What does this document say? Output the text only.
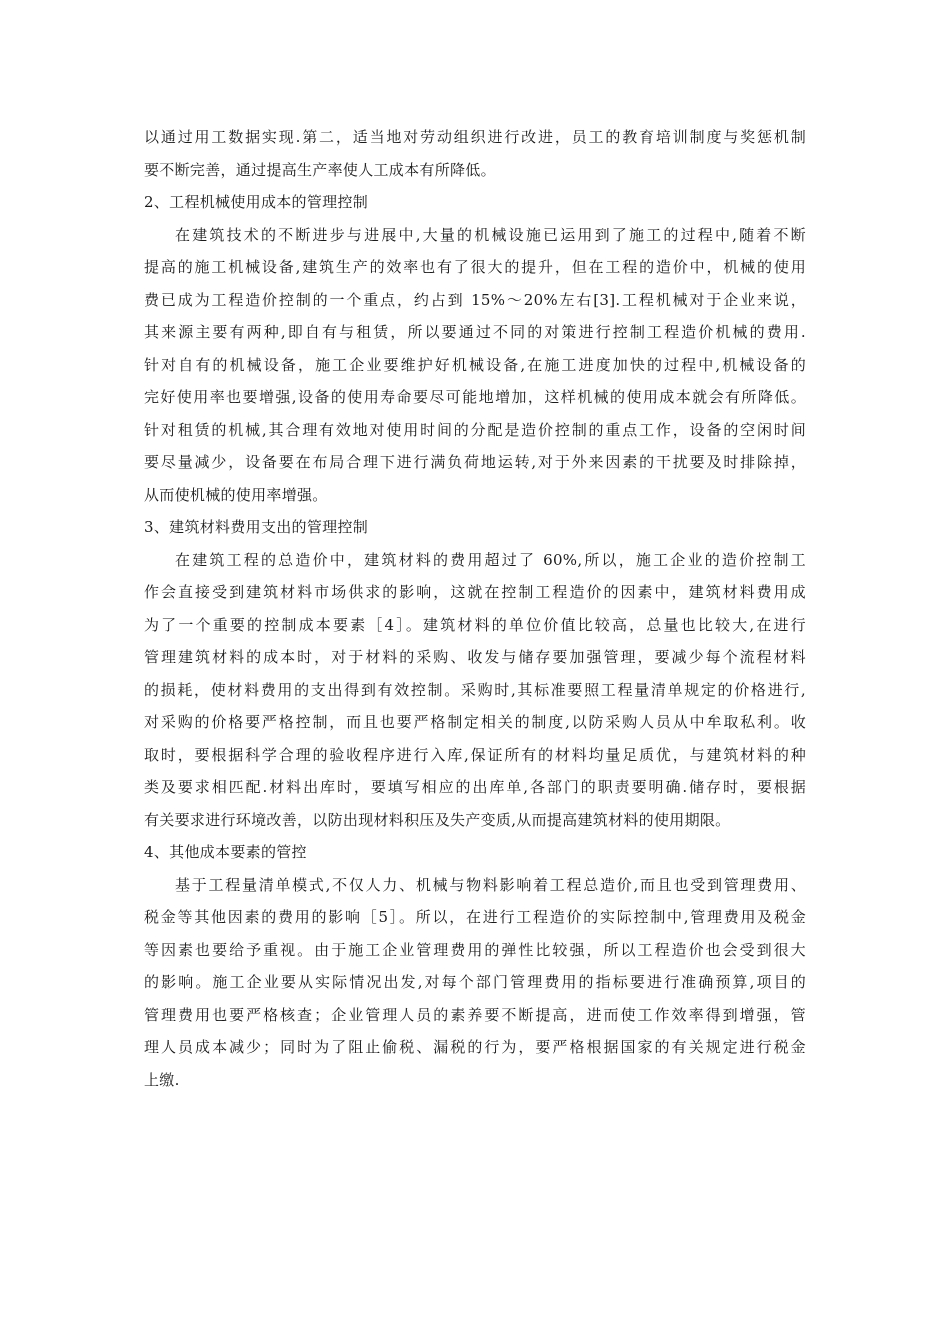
以通过用工数据实现.第二，适当地对劳动组织进行改进，员工的教育培训制度与奖惩机制
要不断完善，通过提高生产率使人工成本有所降低。
2、工程机械使用成本的管理控制
在建筑技术的不断进步与进展中,大量的机械设施已运用到了施工的过程中,随着不断
提高的施工机械设备,建筑生产的效率也有了很大的提升，但在工程的造价中，机械的使用
费已成为工程造价控制的一个重点，约占到 15%～20%左右[3].工程机械对于企业来说，
其来源主要有两种,即自有与租赁，所以要通过不同的对策进行控制工程造价机械的费用.
针对自有的机械设备，施工企业要维护好机械设备,在施工进度加快的过程中,机械设备的
完好使用率也要增强,设备的使用寿命要尽可能地增加，这样机械的使用成本就会有所降低。
针对租赁的机械,其合理有效地对使用时间的分配是造价控制的重点工作，设备的空闲时间
要尽量减少，设备要在布局合理下进行满负荷地运转,对于外来因素的干扰要及时排除掉，
从而使机械的使用率增强。
3、建筑材料费用支出的管理控制
在建筑工程的总造价中，建筑材料的费用超过了 60%,所以，施工企业的造价控制工
作会直接受到建筑材料市场供求的影响，这就在控制工程造价的因素中，建筑材料费用成
为了一个重要的控制成本要素［4］。建筑材料的单位价值比较高，总量也比较大,在进行
管理建筑材料的成本时，对于材料的采购、收发与储存要加强管理，要减少每个流程材料
的损耗，使材料费用的支出得到有效控制。采购时,其标准要照工程量清单规定的价格进行,
对采购的价格要严格控制，而且也要严格制定相关的制度,以防采购人员从中牟取私利。收
取时，要根据科学合理的验收程序进行入库,保证所有的材料均量足质优，与建筑材料的种
类及要求相匹配.材料出库时，要填写相应的出库单,各部门的职责要明确.储存时，要根据
有关要求进行环境改善，以防出现材料积压及失产变质,从而提高建筑材料的使用期限。
4、其他成本要素的管控
基于工程量清单模式,不仅人力、机械与物料影响着工程总造价,而且也受到管理费用、
税金等其他因素的费用的影响［5］。所以，在进行工程造价的实际控制中,管理费用及税金
等因素也要给予重视。由于施工企业管理费用的弹性比较强，所以工程造价也会受到很大
的影响。施工企业要从实际情况出发,对每个部门管理费用的指标要进行准确预算,项目的
管理费用也要严格核查；企业管理人员的素养要不断提高，进而使工作效率得到增强，管
理人员成本减少；同时为了阻止偷税、漏税的行为，要严格根据国家的有关规定进行税金
上缴.
